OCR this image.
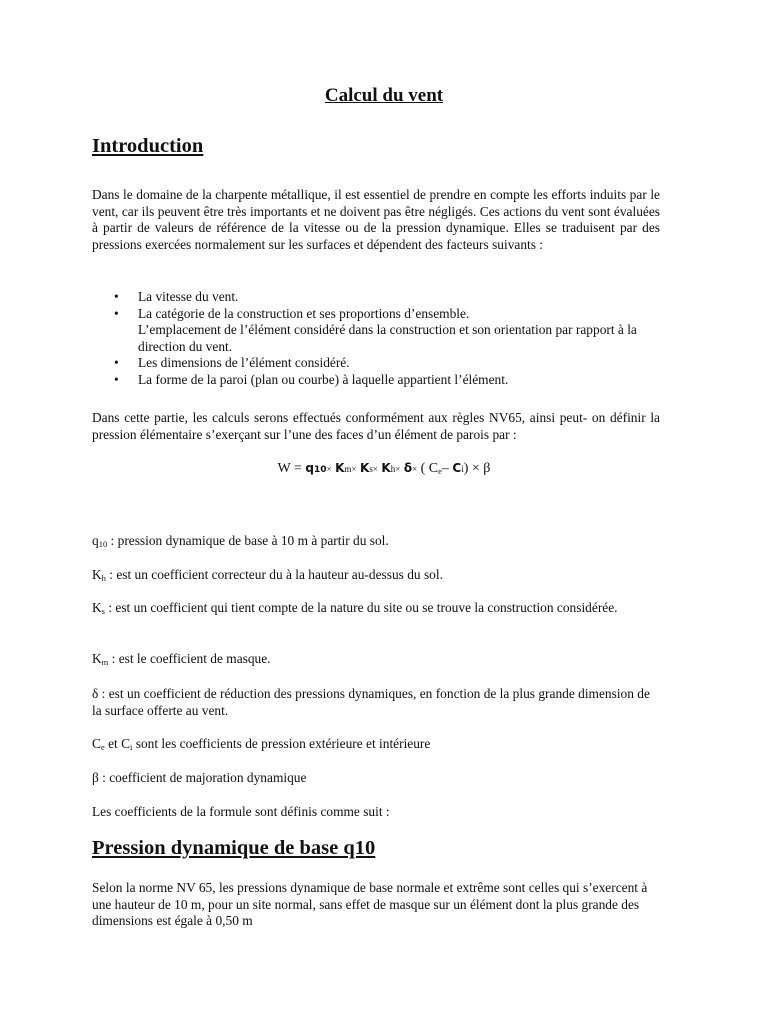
Calcul du vent
Introduction

Dans le domaine de la charpente métallique, il est essentiel de prendre en compte les efforts induits par le vent, car ils peuvent être très importants et ne doivent pas être négligés. Ces actions du vent sont évaluées à partir de valeurs de référence de la vitesse ou de la pression dynamique. Elles se traduisent par des pressions exercées normalement sur les surfaces et dépendent des facteurs suivants :

• La vitesse du vent.
• La catégorie de la construction et ses proportions d’ensemble.
L’emplacement de l’élément considéré dans la construction et son orientation par rapport à la direction du vent.
• Les dimensions de l’élément considéré.
• La forme de la paroi (plan ou courbe) à laquelle appartient l’élément.

Dans cette partie, les calculs serons effectués conformément aux règles NV65, ainsi peut- on définir la pression élémentaire s’exerçant sur l’une des faces d’un élément de parois par :

W = q10× Km× Ks× Kh× δ× ( $C_e-$ Ci) × β

$q_{10}$ : pression dynamique de base à 10 m à partir du sol.

$K_h$ : est un coefficient correcteur du à la hauteur au-dessus du sol.

$K_s$ : est un coefficient qui tient compte de la nature du site ou se trouve la construction considérée.

$K_m$ : est le coefficient de masque.

δ : est un coefficient de réduction des pressions dynamiques, en fonction de la plus grande dimension de la surface offerte au vent.

$C_e$ et $C_i$ sont les coefficients de pression extérieure et intérieure

β : coefficient de majoration dynamique

Les coefficients de la formule sont définis comme suit :

Pression dynamique de base q10

Selon la norme NV 65, les pressions dynamique de base normale et extrême sont celles qui s’exercent à une hauteur de 10 m, pour un site normal, sans effet de masque sur un élément dont la plus grande des dimensions est égale à 0,50 m
